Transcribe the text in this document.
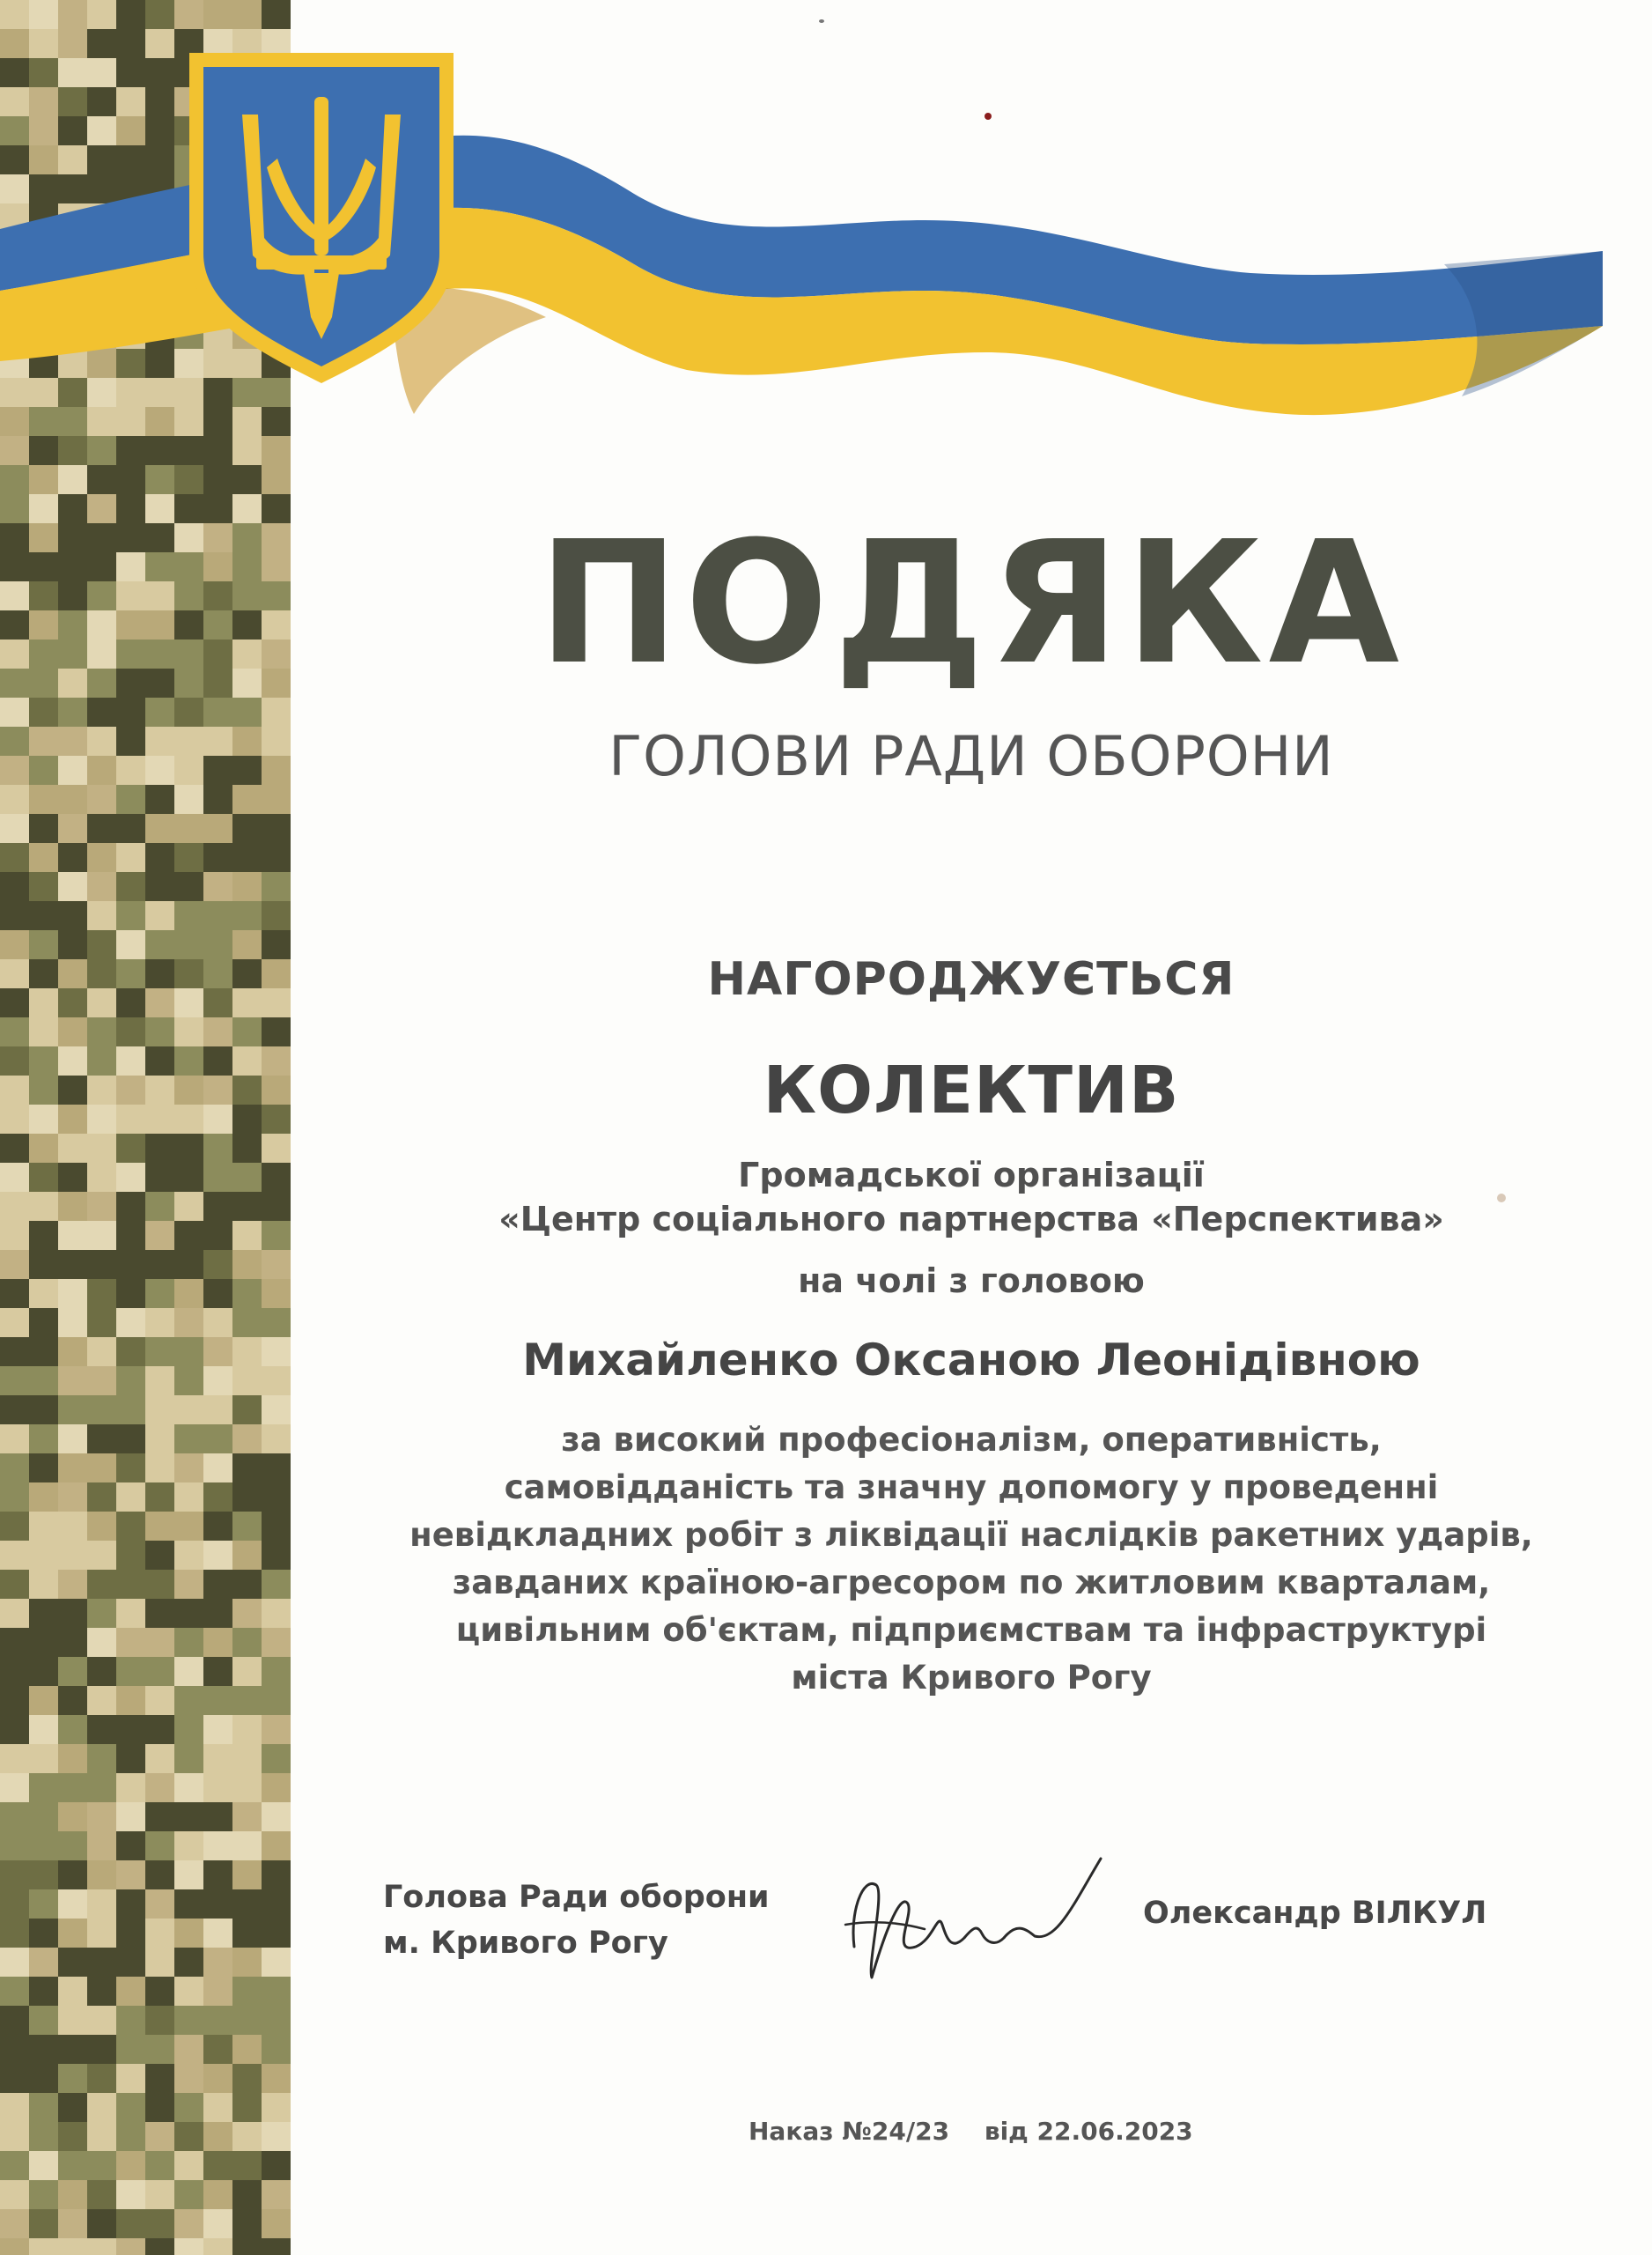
ПОДЯКА
ГОЛОВИ РАДИ ОБОРОНИ
НАГОРОДЖУЄТЬСЯ
КОЛЕКТИВ
Громадської організації
«Центр соціального партнерства «Перспектива»
на чолі з головою
Михайленко Оксаною Леонідівною
за високий професіоналізм, оперативність,
самовідданість та значну допомогу у проведенні
невідкладних робіт з ліквідації наслідків ракетних ударів,
завданих країною-агресором по житловим кварталам,
цивільним об'єктам, підприємствам та інфраструктурі
міста Кривого Рогу
Голова Ради оборони
м. Кривого Рогу
Олександр ВІЛКУЛ
Наказ №24/23 від 22.06.2023
